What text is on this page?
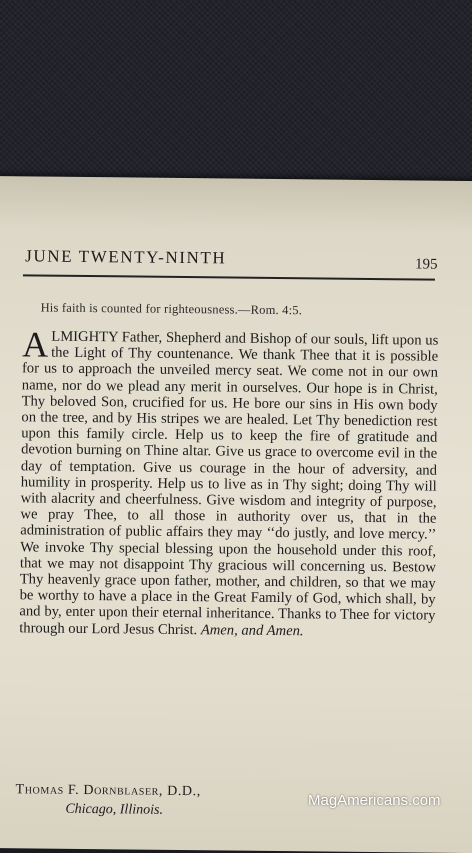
JUNE TWENTY-NINTH	195
His faith is counted for righteousness.—Rom. 4:5.
ALMIGHTY Father, Shepherd and Bishop of our souls, lift upon us the Light of Thy countenance. We thank Thee that it is possible for us to approach the unveiled mercy seat. We come not in our own name, nor do we plead any merit in ourselves. Our hope is in Christ, Thy beloved Son, crucified for us. He bore our sins in His own body on the tree, and by His stripes we are healed. Let Thy benediction rest upon this family circle. Help us to keep the fire of gratitude and devotion burning on Thine altar. Give us grace to overcome evil in the day of temptation. Give us courage in the hour of adversity, and humility in prosperity. Help us to live as in Thy sight; doing Thy will with alacrity and cheerfulness. Give wisdom and integrity of purpose, we pray Thee, to all those in authority over us, that in the administration of public affairs they may ‘‘do justly, and love mercy.’’ We invoke Thy special blessing upon the household under this roof, that we may not disappoint Thy gracious will concerning us. Bestow Thy heavenly grace upon father, mother, and children, so that we may be worthy to have a place in the Great Family of God, which shall, by and by, enter upon their eternal inheritance. Thanks to Thee for victory through our Lord Jesus Christ. Amen, and Amen.
Thomas F. Dornblaser, D.D.,
Chicago, Illinois.
MagAmericans.com
